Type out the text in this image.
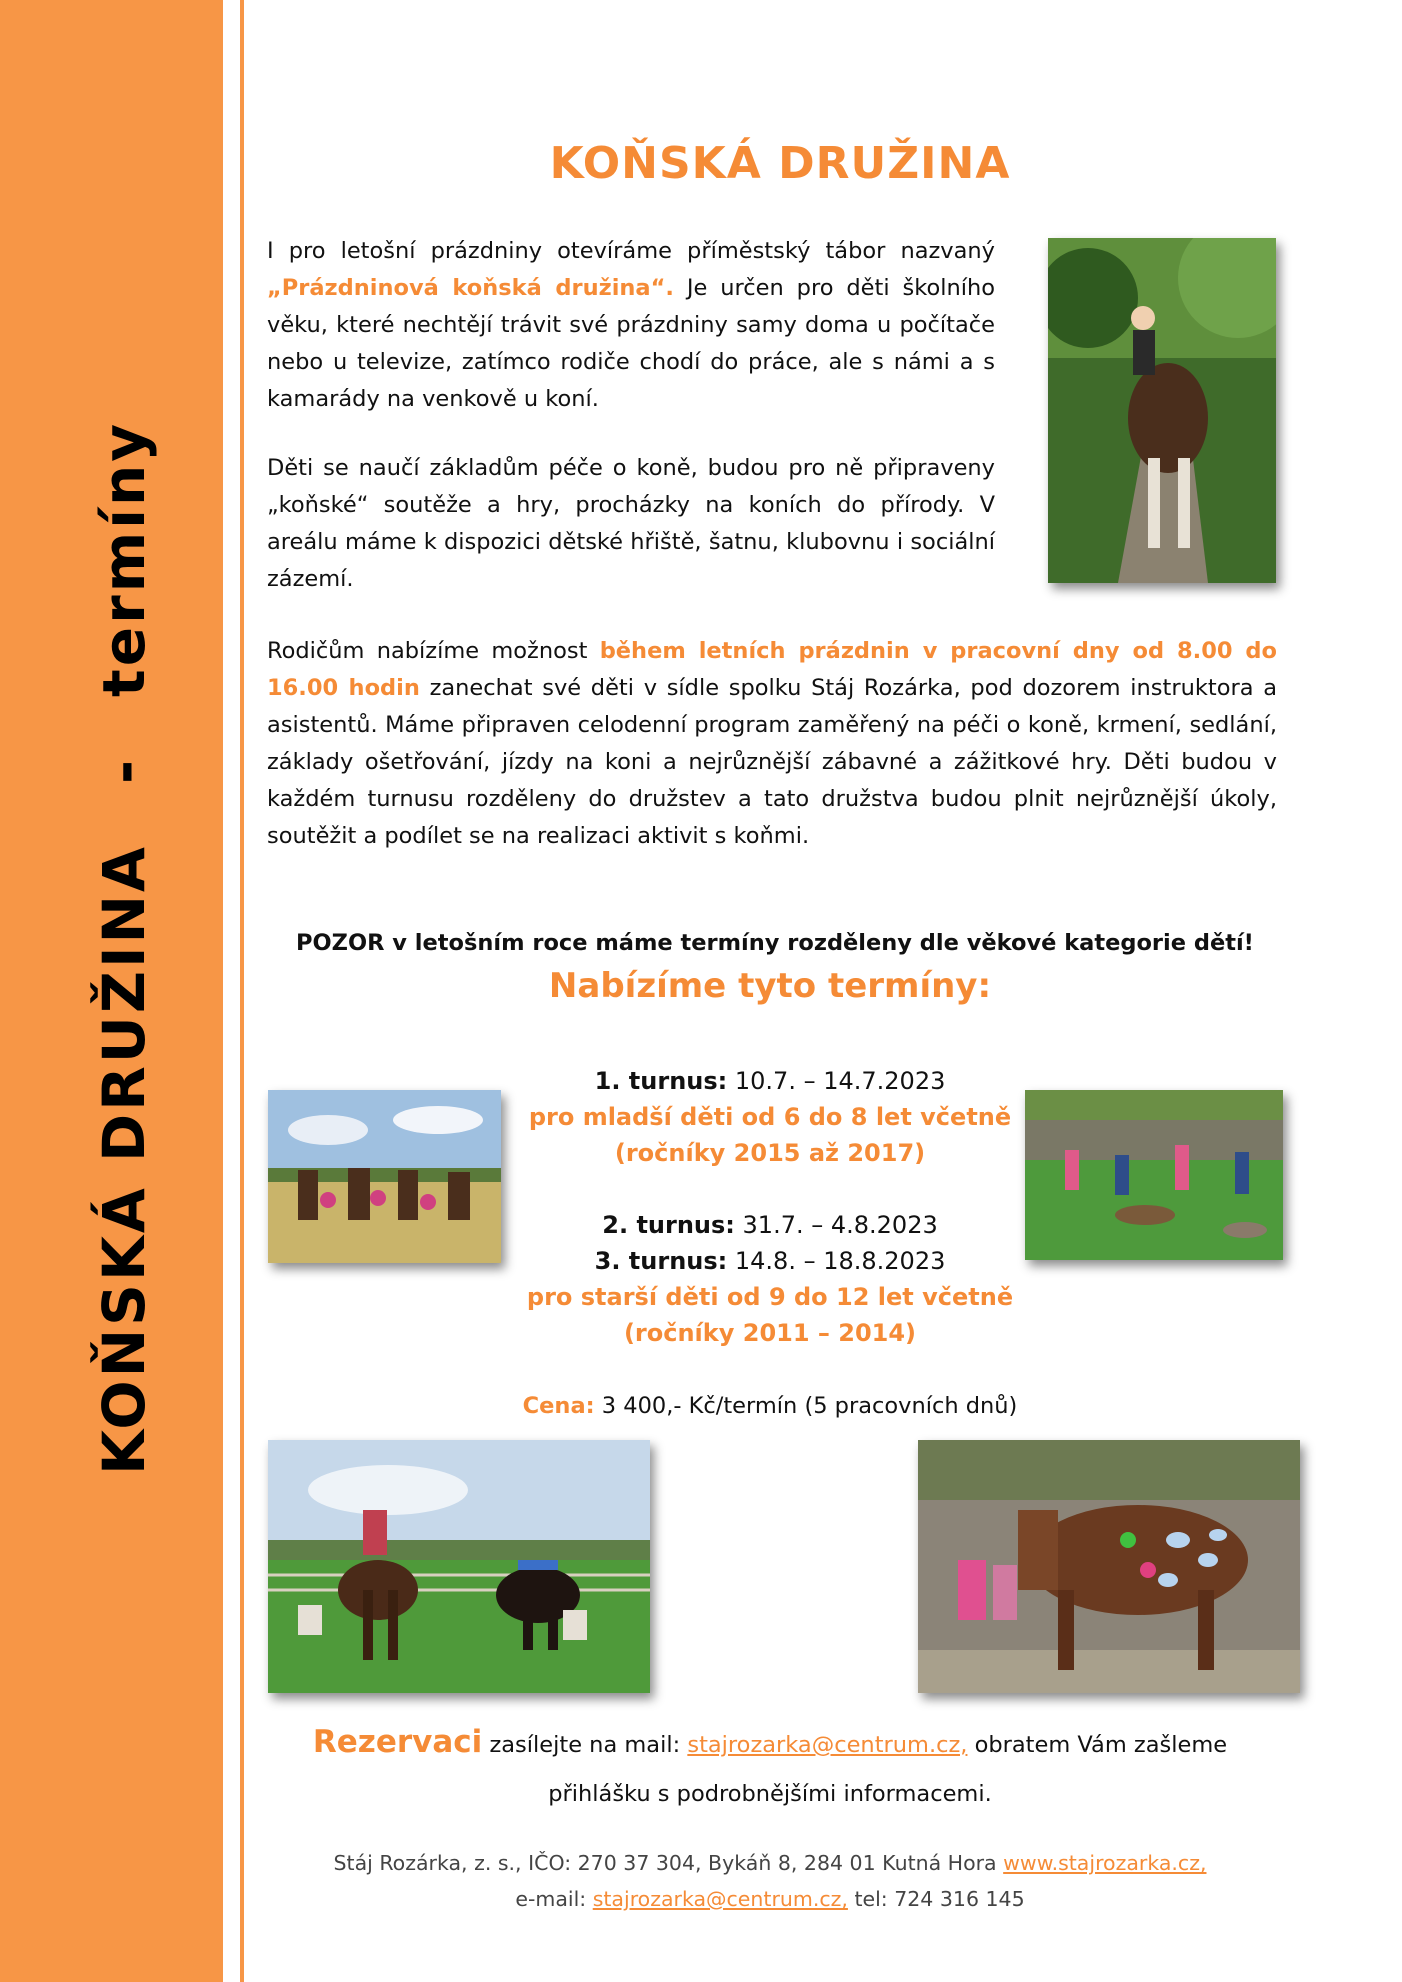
KOŇSKÁ DRUŽINA-termíny
KOŇSKÁ DRUŽINA
I pro letošní prázdniny otevíráme příměstský tábor nazvaný „Prázdninová koňská družina“. Je určen pro děti školního věku, které nechtějí trávit své prázdniny samy doma u počítače nebo u televize, zatímco rodiče chodí do práce, ale s námi a s kamarády na venkově u koní.
Děti se naučí základům péče o koně, budou pro ně připraveny „koňské“ soutěže a hry, procházky na koních do přírody. V areálu máme k dispozici dětské hřiště, šatnu, klubovnu i sociální zázemí.
Rodičům nabízíme možnost během letních prázdnin v pracovní dny od 8.00 do 16.00 hodin zanechat své děti v sídle spolku Stáj Rozárka, pod dozorem instruktora a asistentů. Máme připraven celodenní program zaměřený na péči o koně, krmení, sedlání, základy ošetřování, jízdy na koni a nejrůznější zábavné a zážitkové hry. Děti budou v každém turnusu rozděleny do družstev a tato družstva budou plnit nejrůznější úkoly, soutěžit a podílet se na realizaci aktivit s koňmi.
POZOR v letošním roce máme termíny rozděleny dle věkové kategorie dětí!
Nabízíme tyto termíny:
1. turnus: 10.7. – 14.7.2023
pro mladší děti od 6 do 8 let včetně
(ročníky 2015 až 2017)
2. turnus: 31.7. – 4.8.2023
3. turnus: 14.8. – 18.8.2023
pro starší děti od 9 do 12 let včetně
(ročníky 2011 – 2014)
Cena: 3 400,- Kč/termín (5 pracovních dnů)
Rezervaci zasílejte na mail: stajrozarka@centrum.cz, obratem Vám zašleme
přihlášku s podrobnějšími informacemi.
Stáj Rozárka, z. s., IČO: 270 37 304, Bykáň 8, 284 01 Kutná Hora www.stajrozarka.cz,
e-mail: stajrozarka@centrum.cz, tel: 724 316 145
